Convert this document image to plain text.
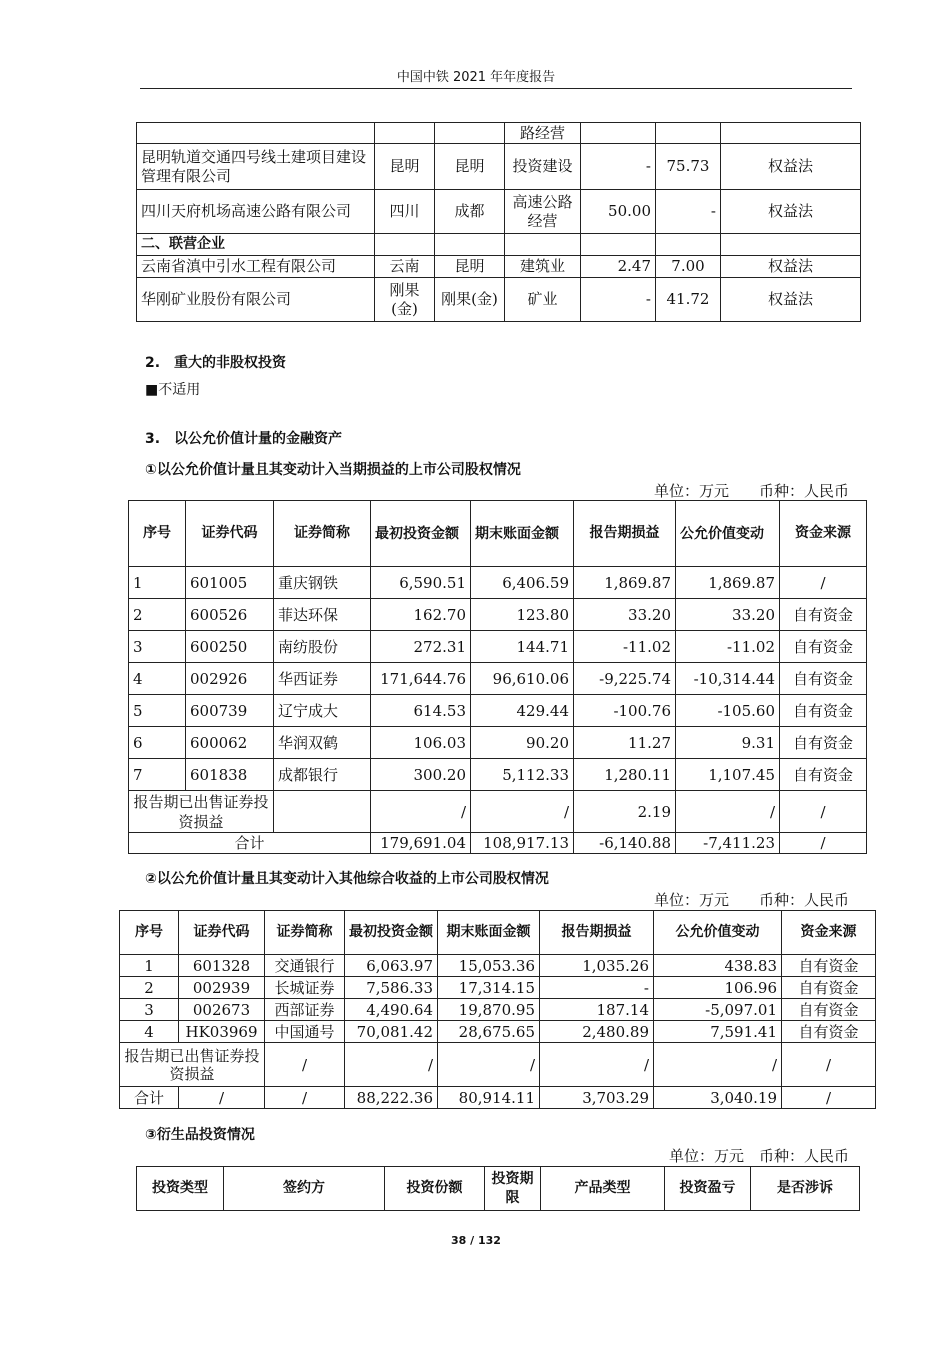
中国中铁 2021 年年度报告
			路经营			
昆明轨道交通四号线土建项目建设管理有限公司	昆明	昆明	投资建设	-	75.73	权益法
四川天府机场高速公路有限公司	四川	成都	高速公路经营	50.00	-	权益法
二、联营企业						
云南省滇中引水工程有限公司	云南	昆明	建筑业	2.47	7.00	权益法
华刚矿业股份有限公司	刚果(金)	刚果(金)	矿业	-	41.72	权益法
2.　重大的非股权投资
■不适用
3.　以公允价值计量的金融资产
①以公允价值计量且其变动计入当期损益的上市公司股权情况
单位：万元　　币种：人民币
序号	证券代码	证券简称	最初投资金额	期末账面金额	报告期损益	公允价值变动	资金来源
1	601005	重庆钢铁	6,590.51	6,406.59	1,869.87	1,869.87	/
2	600526	菲达环保	162.70	123.80	33.20	33.20	自有资金
3	600250	南纺股份	272.31	144.71	-11.02	-11.02	自有资金
4	002926	华西证券	171,644.76	96,610.06	-9,225.74	-10,314.44	自有资金
5	600739	辽宁成大	614.53	429.44	-100.76	-105.60	自有资金
6	600062	华润双鹤	106.03	90.20	11.27	9.31	自有资金
7	601838	成都银行	300.20	5,112.33	1,280.11	1,107.45	自有资金
报告期已出售证券投资损益			/	/	2.19	/	/
合计			179,691.04	108,917.13	-6,140.88	-7,411.23	/
②以公允价值计量且其变动计入其他综合收益的上市公司股权情况
单位：万元　　币种：人民币
序号	证券代码	证券简称	最初投资金额	期末账面金额	报告期损益	公允价值变动	资金来源
1	601328	交通银行	6,063.97	15,053.36	1,035.26	438.83	自有资金
2	002939	长城证券	7,586.33	17,314.15	-	106.96	自有资金
3	002673	西部证券	4,490.64	19,870.95	187.14	-5,097.01	自有资金
4	HK03969	中国通号	70,081.42	28,675.65	2,480.89	7,591.41	自有资金
报告期已出售证券投资损益		/	/	/	/	/	/
合计	/	/	88,222.36	80,914.11	3,703.29	3,040.19	/
③衍生品投资情况
单位：万元　币种：人民币
投资类型	签约方	投资份额	投资期限	产品类型	投资盈亏	是否涉诉
38 / 132
